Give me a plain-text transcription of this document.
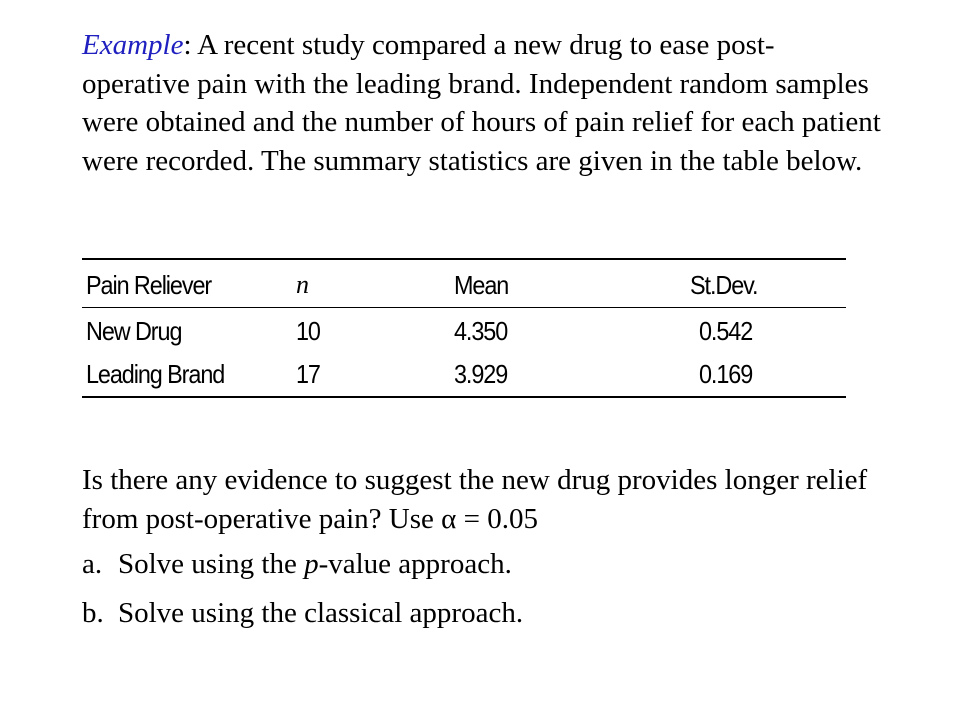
Example: A recent study compared a new drug to ease post-operative pain with the leading brand. Independent random samples were obtained and the number of hours of pain relief for each patient were recorded. The summary statistics are given in the table below.

Pain Reliever	n	Mean	St.Dev.
New Drug	10	4.350	0.542
Leading Brand	17	3.929	0.169

Is there any evidence to suggest the new drug provides longer relief from post-operative pain? Use α = 0.05

a. Solve using the p-value approach.
b. Solve using the classical approach.
